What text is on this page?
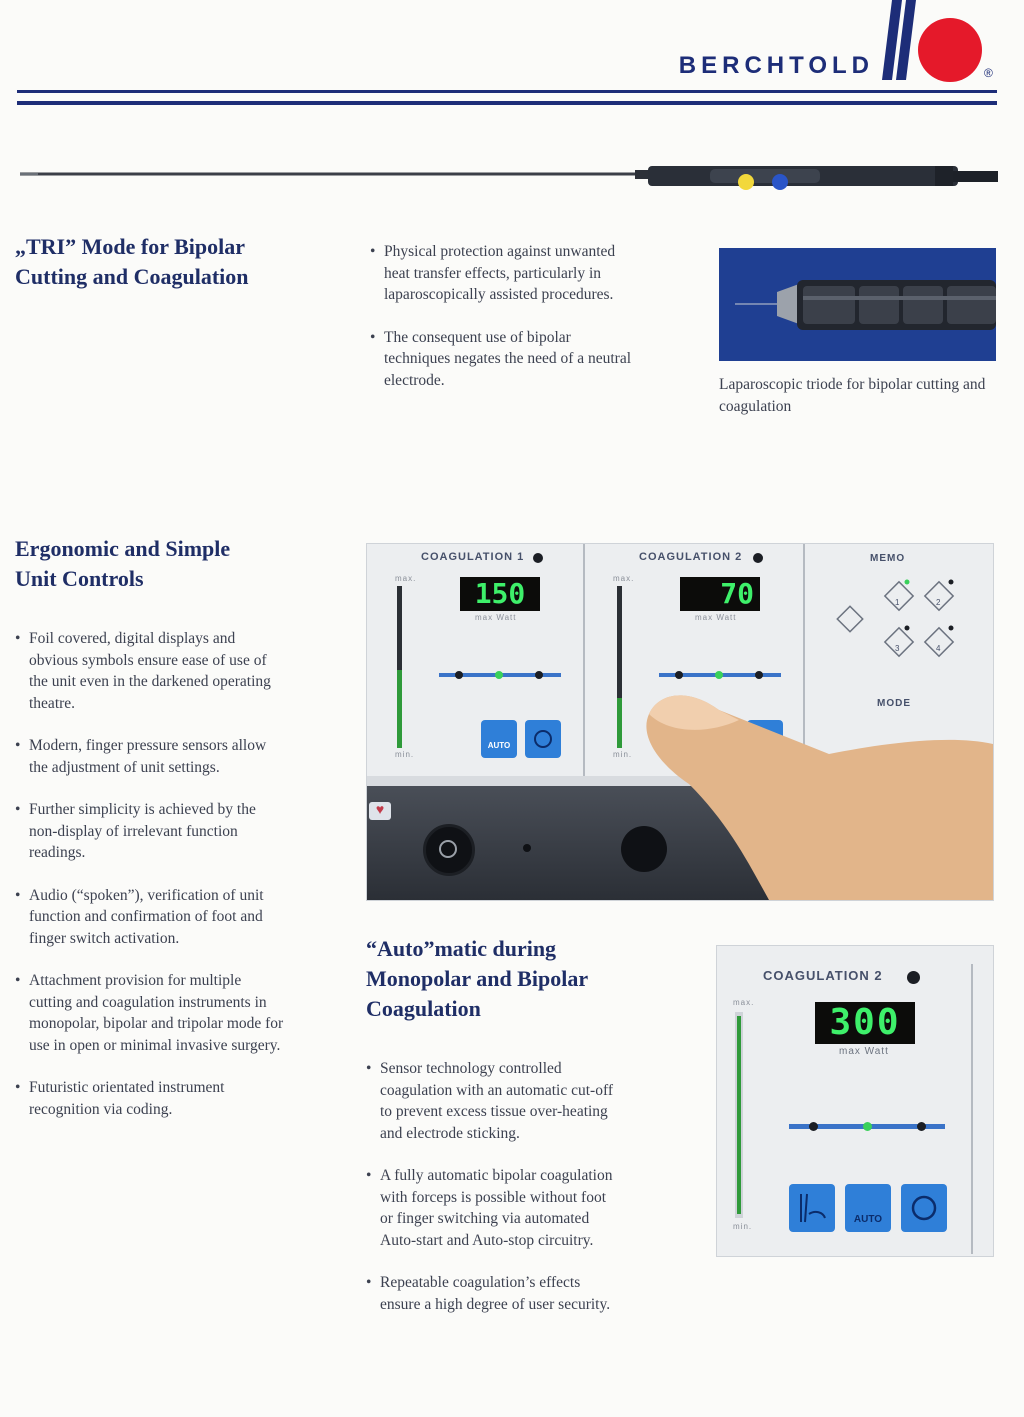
BERCHTOLD	®
„TRI” Mode for Bipolar
Cutting and Coagulation
• Physical protection against unwanted heat transfer effects, particularly in laparoscopically assisted procedures.
• The consequent use of bipolar techniques negates the need of a neutral electrode.	Laparoscopic triode for bipolar cutting and coagulation
Ergonomic and Simple
Unit Controls
• Foil covered, digital displays and obvious symbols ensure ease of use of the unit even in the darkened operating theatre.
• Modern, finger pressure sensors allow the adjustment of unit settings.
• Further simplicity is achieved by the non-display of irrelevant function readings.
• Audio (“spoken”), verification of unit function and confirmation of foot and finger switch activation.
• Attachment provision for multiple cutting and coagulation instruments in monopolar, bipolar and tripolar mode for use in open or minimal invasive surgery.
• Futuristic orientated instrument recognition via coding.
COAGULATION 1
max.
min.
150
max Watt
AUTO
COAGULATION 2
max.
min.
70
max Watt
MEMO
1	2
3	4
MODE
♥
“Auto”matic during
Monopolar and Bipolar
Coagulation
• Sensor technology controlled coagulation with an automatic cut-off to prevent excess tissue over-heating and electrode sticking.
• A fully automatic bipolar coagulation with forceps is possible without foot or finger switching via automated Auto-start and Auto-stop circuitry.
• Repeatable coagulation’s effects ensure a high degree of user security.
COAGULATION 2
max.
min.
300
max Watt
AUTO
